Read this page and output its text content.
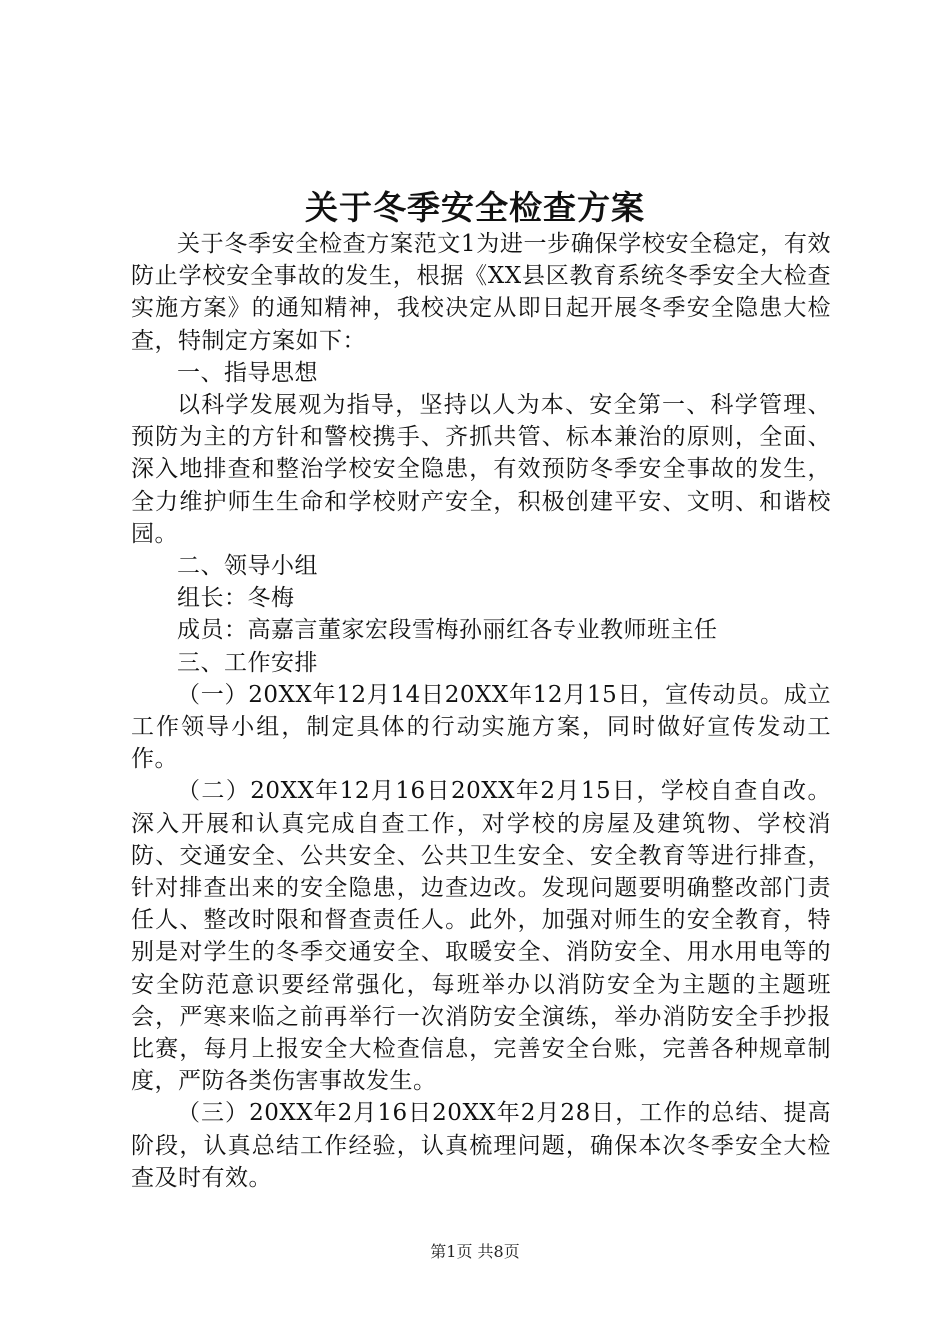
关于冬季安全检查方案

关于冬季安全检查方案范文1为进一步确保学校安全稳定，有效防止学校安全事故的发生，根据《XX县区教育系统冬季安全大检查实施方案》的通知精神，我校决定从即日起开展冬季安全隐患大检查，特制定方案如下：

一、指导思想

以科学发展观为指导，坚持以人为本、安全第一、科学管理、预防为主的方针和警校携手、齐抓共管、标本兼治的原则，全面、深入地排查和整治学校安全隐患，有效预防冬季安全事故的发生，全力维护师生生命和学校财产安全，积极创建平安、文明、和谐校园。

二、领导小组

组长：冬梅

成员：高嘉言董家宏段雪梅孙丽红各专业教师班主任

三、工作安排

（一）20XX年12月14日20XX年12月15日，宣传动员。成立工作领导小组，制定具体的行动实施方案，同时做好宣传发动工作。

（二）20XX年12月16日20XX年2月15日，学校自查自改。深入开展和认真完成自查工作，对学校的房屋及建筑物、学校消防、交通安全、公共安全、公共卫生安全、安全教育等进行排查，针对排查出来的安全隐患，边查边改。发现问题要明确整改部门责任人、整改时限和督查责任人。此外，加强对师生的安全教育，特别是对学生的冬季交通安全、取暖安全、消防安全、用水用电等的安全防范意识要经常强化，每班举办以消防安全为主题的主题班会，严寒来临之前再举行一次消防安全演练，举办消防安全手抄报比赛，每月上报安全大检查信息，完善安全台账，完善各种规章制度，严防各类伤害事故发生。

（三）20XX年2月16日20XX年2月28日，工作的总结、提高阶段，认真总结工作经验，认真梳理问题，确保本次冬季安全大检查及时有效。

第1页 共8页
